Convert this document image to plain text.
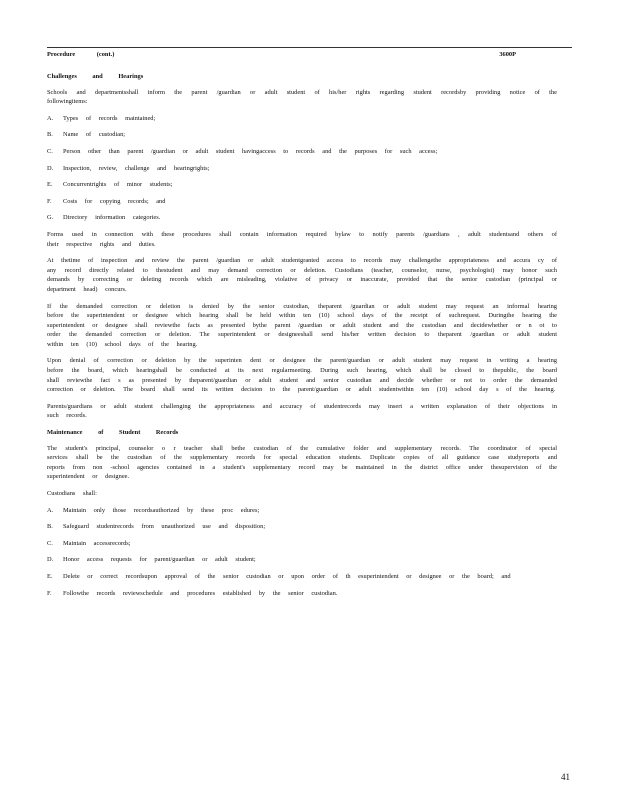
Procedure (cont.)	3600P
Challenges and Hearings

Schools and departmentsshall inform the parent /guardian or adult student of his/her rights regarding student recordsby providing notice of the followingitems:

A. Types of records maintained;
B. Name of custodian;
C. Person other than parent /guardian or adult student havingaccess to records and the purposes for such access;
D. Inspection, review, challenge and hearingrights;
E. Concurrentrights of minor students;
F. Costs for copying records; and
G. Directory information categories.

Forms used in connection with these procedures shall contain information required bylaw to notify parents /guardians , adult studentsand others of their respective rights and duties.

At thetime of inspection and review the parent /guardian or adult studentgranted access to records may challengethe appropriateness and accura cy of any record directly related to thestudent and may demand correction or deletion. Custodians (teacher, counselor, nurse, psychologist) may honor such demands by correcting or deleting records which are misleading, violative of privacy or inaccurate, provided that the senior custodian (principal or department head) concurs.

If the demanded correction or deletion is denied by the senior custodian, theparent /guardian or adult student may request an informal hearing before the superintendent or designee which hearing shall be held within ten (10) school days of the receipt of suchrequest. Duringthe hearing the superintendent or designee shall reviewthe facts as presented bythe parent /guardian or adult student and the custodian and decidewhether or n ot to order the demanded correction or deletion. The superintendent or designeeshall send his/her written decision to theparent /guardian or adult student within ten (10) school days of the hearing.

Upon denial of correction or deletion by the superinten dent or designee the parent/guardian or adult student may request in writing a hearing before the board, which hearingshall be conducted at its next regularmeeting. During such hearing, which shall be closed to thepublic, the board shall reviewthe fact s as presented by theparent/guardian or adult student and senior custodian and decide whether or not to order the demanded correction or deletion. The board shall send its written decision to the parent/guardian or adult studentwithin ten (10) school day s of the hearing.

Parents/guardians or adult student challenging the appropriateness and accuracy of studentrecords may insert a written explanation of their objections in such records.

Maintenance of Student Records

The student's principal, counselor o r teacher shall bethe custodian of the cumulative folder and supplementary records. The coordinator of special services shall be the custodian of the supplementary records for special education students. Duplicate copies of all guidance case studyreports and reports from non -school agencies contained in a student's supplementary record may be maintained in the district office under thesupervision of the superintendent or designee.

Custodians shall:

A. Maintain only those recordsauthorized by these proc edures;
B. Safeguard studentrecords from unauthorized use and disposition;
C. Maintain accessrecords;
D. Honor access requests for parent/guardian or adult student;
E. Delete or correct recordsupon approval of the senior custodian or upon order of th esuperintendent or designee or the board; and
F. Followthe records reviewschedule and procedures established by the senior custodian.
41
